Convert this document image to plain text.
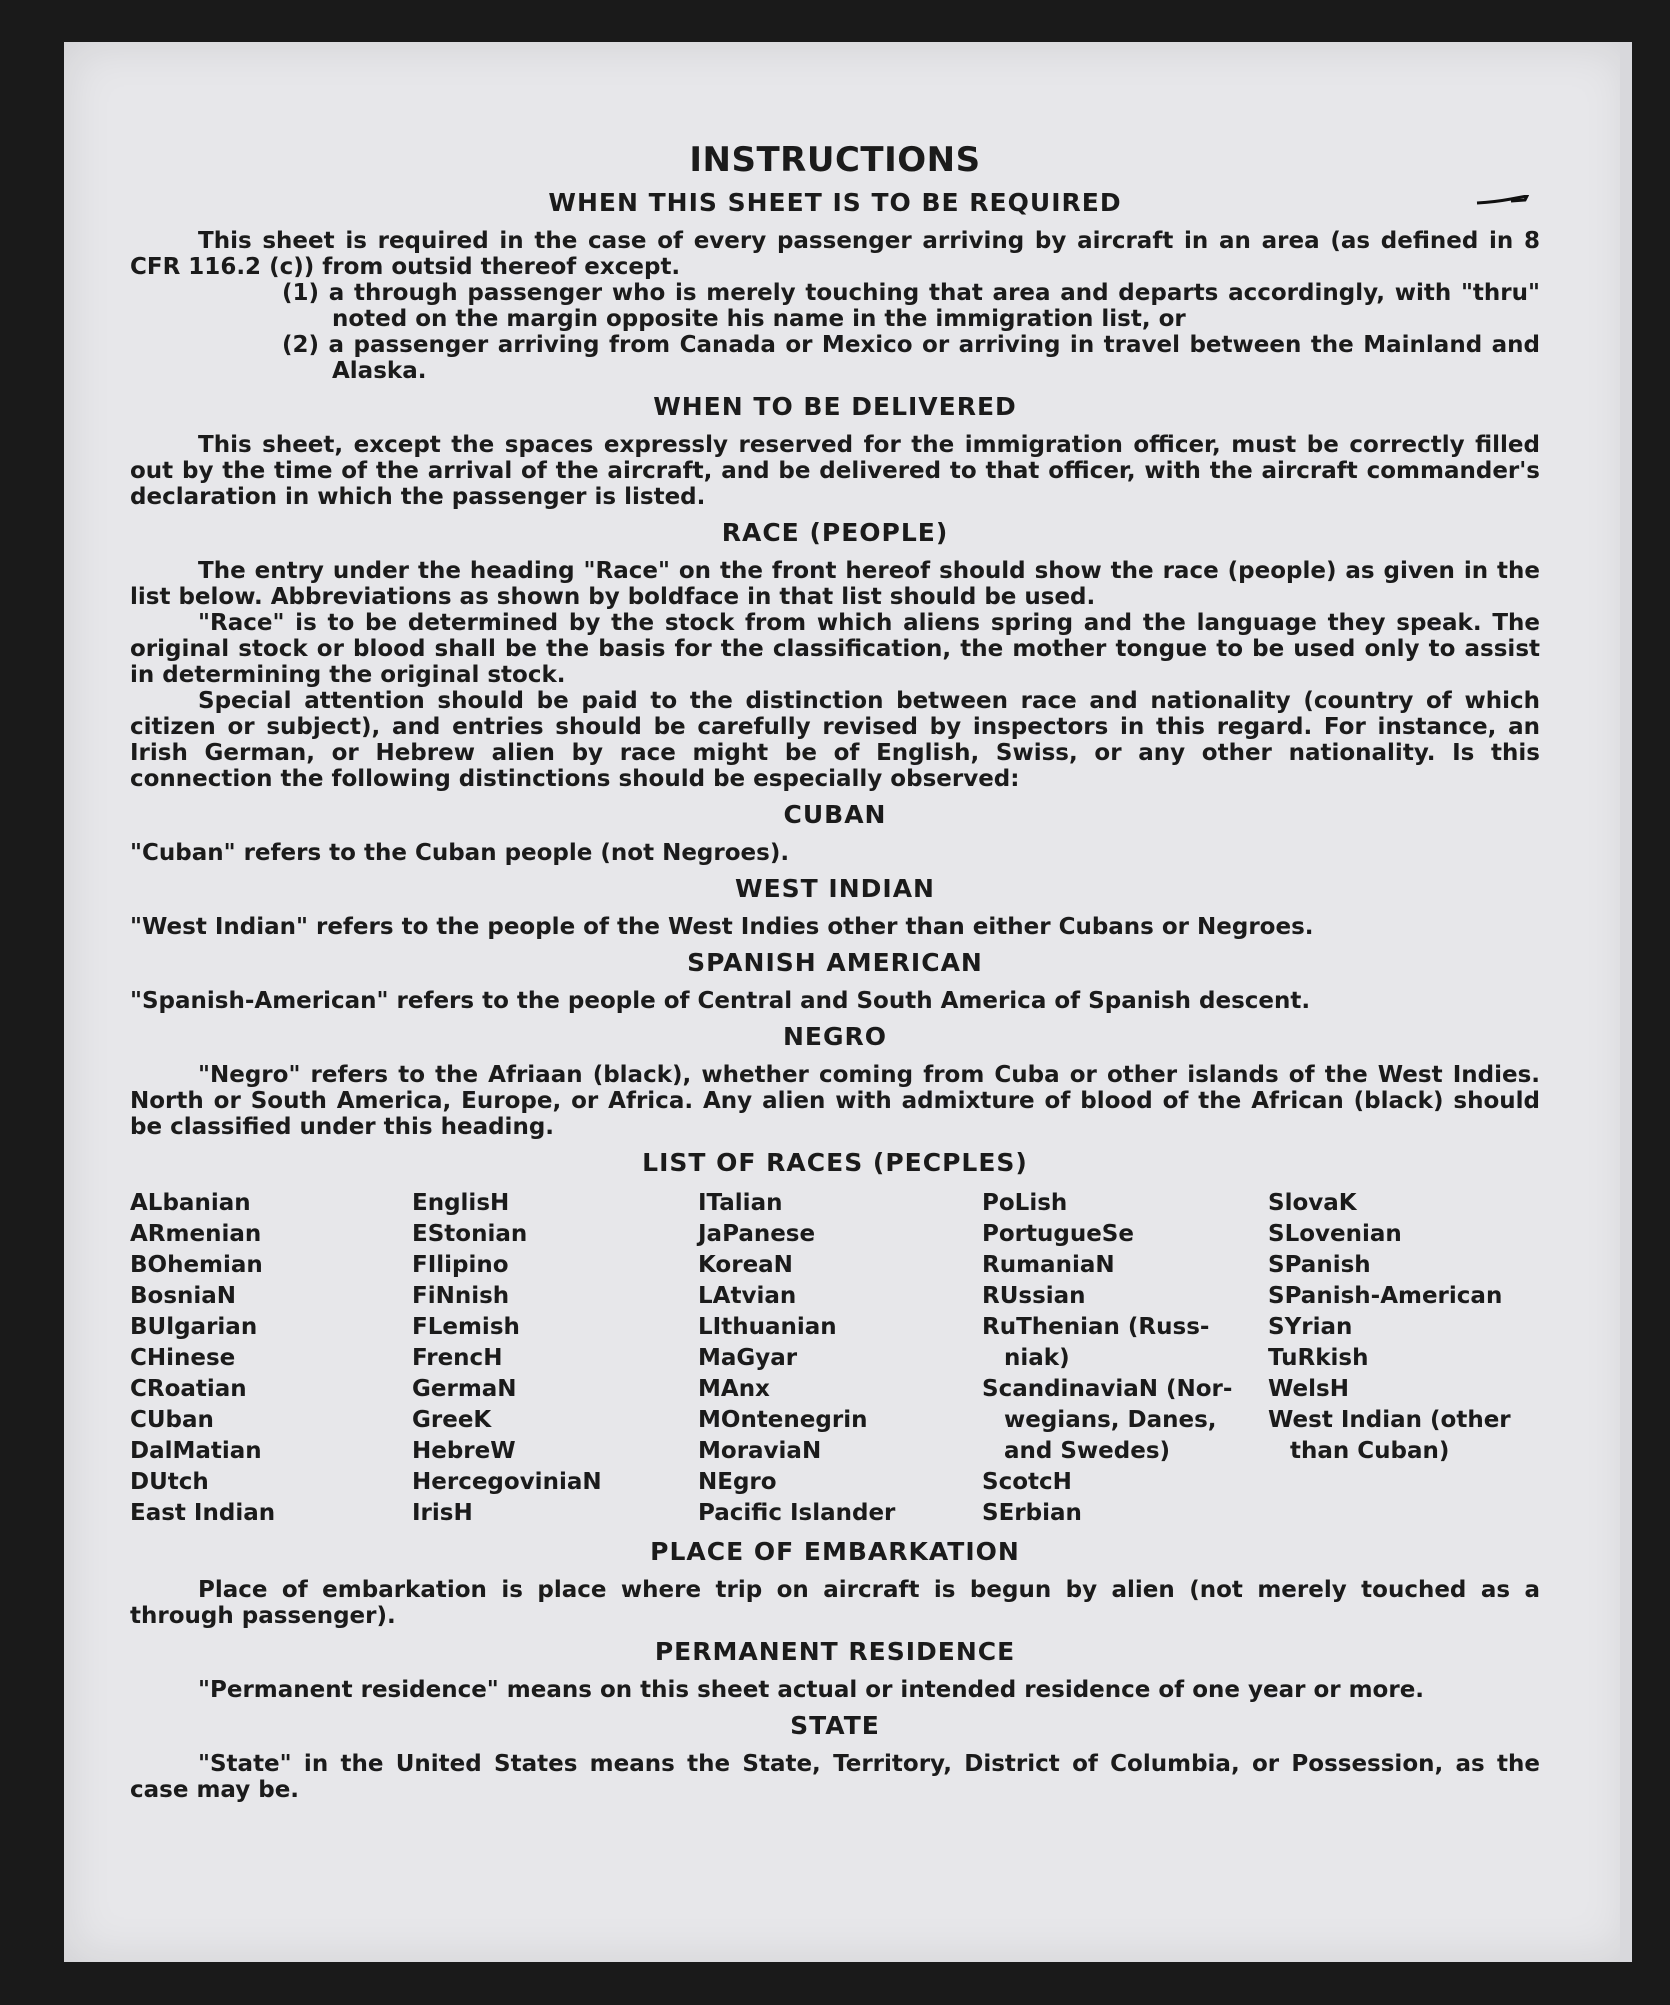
INSTRUCTIONS
WHEN THIS SHEET IS TO BE REQUIRED

This sheet is required in the case of every passenger arriving by aircraft in an area (as defined in 8 CFR 116.2 (c)) from outsid thereof except.

(1) a through passenger who is merely touching that area and departs accordingly, with "thru" noted on the margin opposite his name in the immigration list, or

(2) a passenger arriving from Canada or Mexico or arriving in travel between the Mainland and Alaska.

WHEN TO BE DELIVERED

This sheet, except the spaces expressly reserved for the immigration officer, must be correctly filled out by the time of the arrival of the aircraft, and be delivered to that officer, with the aircraft commander's declaration in which the passenger is listed.

RACE (PEOPLE)

The entry under the heading "Race" on the front hereof should show the race (people) as given in the list below. Abbreviations as shown by boldface in that list should be used.

"Race" is to be determined by the stock from which aliens spring and the language they speak. The original stock or blood shall be the basis for the classification, the mother tongue to be used only to assist in determining the original stock.

Special attention should be paid to the distinction between race and nationality (country of which citizen or subject), and entries should be carefully revised by inspectors in this regard. For instance, an Irish German, or Hebrew alien by race might be of English, Swiss, or any other nationality. Is this connection the following distinctions should be especially observed:

CUBAN

"Cuban" refers to the Cuban people (not Negroes).

WEST INDIAN

"West Indian" refers to the people of the West Indies other than either Cubans or Negroes.

SPANISH AMERICAN

"Spanish-American" refers to the people of Central and South America of Spanish descent.

NEGRO

"Negro" refers to the Afriaan (black), whether coming from Cuba or other islands of the West Indies. North or South America, Europe, or Africa. Any alien with admixture of blood of the African (black) should be classified under this heading.

LIST OF RACES (PECPLES)
ALbanian
ARmenian
BOhemian
BosniaN
BUlgarian
CHinese
CRoatian
CUban
DalMatian
DUtch
East Indian
EnglisH
EStonian
FIlipino
FiNnish
FLemish
FrencH
GermaN
GreeK
HebreW
HercegoviniaN
IrisH
ITalian
JaPanese
KoreaN
LAtvian
LIthuanian
MaGyar
MAnx
MOntenegrin
MoraviaN
NEgro
Pacific Islander
PoLish
PortugueSe
RumaniaN
RUssian
RuThenian (Russ-
niak)
ScandinaviaN (Nor-
wegians, Danes,
and Swedes)
ScotcH
SErbian
SlovaK
SLovenian
SPanish
SPanish-American
SYrian
TuRkish
WelsH
West Indian (other
than Cuban)
PLACE OF EMBARKATION

Place of embarkation is place where trip on aircraft is begun by alien (not merely touched as a through passenger).

PERMANENT RESIDENCE

"Permanent residence" means on this sheet actual or intended residence of one year or more.

STATE

"State" in the United States means the State, Territory, District of Columbia, or Possession, as the case may be.
